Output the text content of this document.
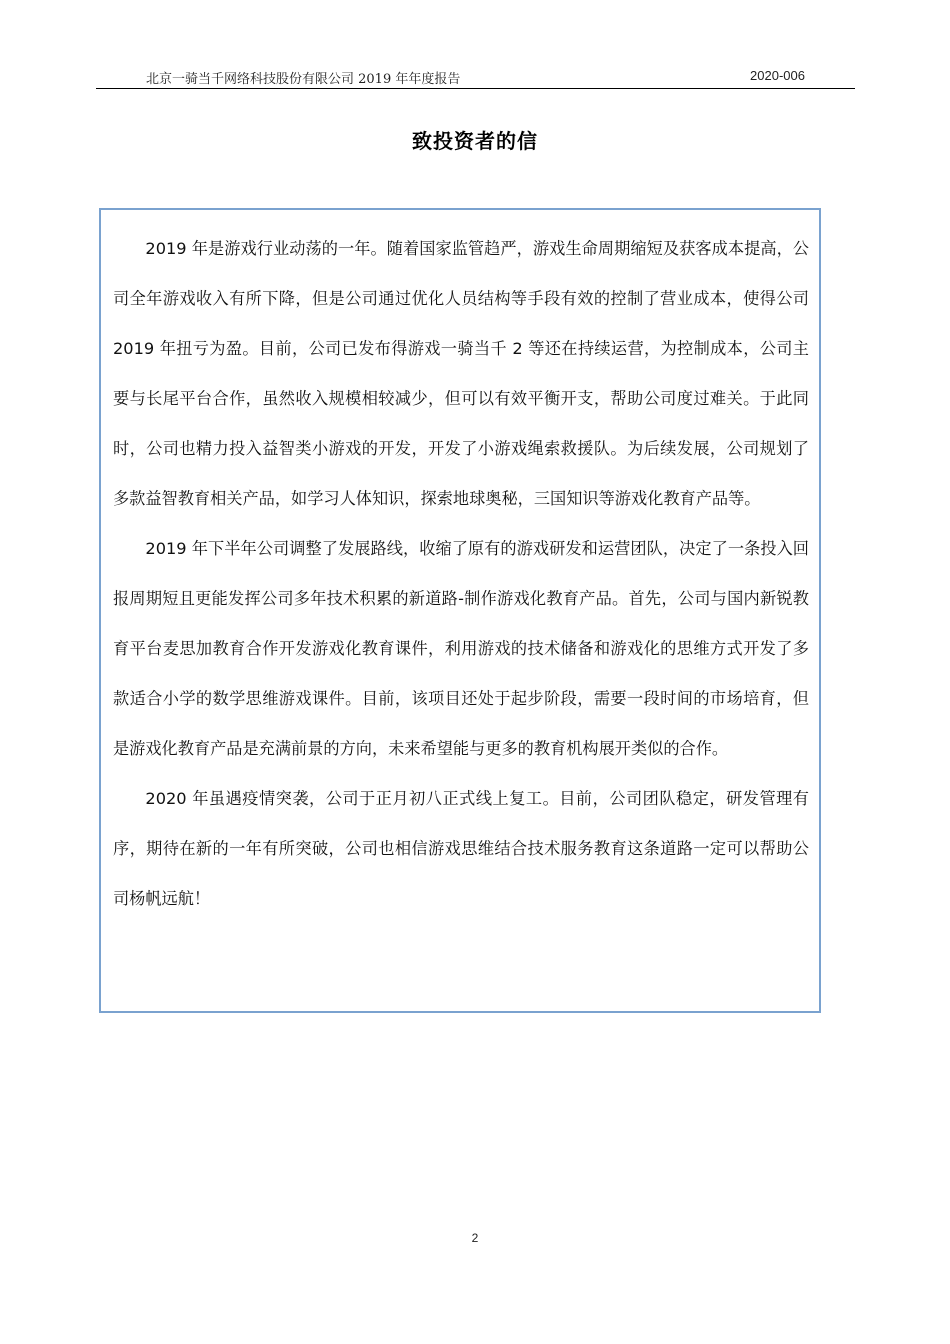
北京一骑当千网络科技股份有限公司 2019 年年度报告	2020-006
致投资者的信

2019 年是游戏行业动荡的一年。随着国家监管趋严，游戏生命周期缩短及获客成本提高，公司全年游戏收入有所下降，但是公司通过优化人员结构等手段有效的控制了营业成本，使得公司 2019 年扭亏为盈。目前，公司已发布得游戏一骑当千 2 等还在持续运营，为控制成本，公司主要与长尾平台合作，虽然收入规模相较减少，但可以有效平衡开支，帮助公司度过难关。于此同时，公司也精力投入益智类小游戏的开发，开发了小游戏绳索救援队。为后续发展，公司规划了多款益智教育相关产品，如学习人体知识，探索地球奥秘，三国知识等游戏化教育产品等。

2019 年下半年公司调整了发展路线，收缩了原有的游戏研发和运营团队，决定了一条投入回报周期短且更能发挥公司多年技术积累的新道路-制作游戏化教育产品。首先，公司与国内新锐教育平台麦思加教育合作开发游戏化教育课件，利用游戏的技术储备和游戏化的思维方式开发了多款适合小学的数学思维游戏课件。目前，该项目还处于起步阶段，需要一段时间的市场培育，但是游戏化教育产品是充满前景的方向，未来希望能与更多的教育机构展开类似的合作。

2020 年虽遇疫情突袭，公司于正月初八正式线上复工。目前，公司团队稳定，研发管理有序，期待在新的一年有所突破，公司也相信游戏思维结合技术服务教育这条道路一定可以帮助公司杨帆远航！

2
